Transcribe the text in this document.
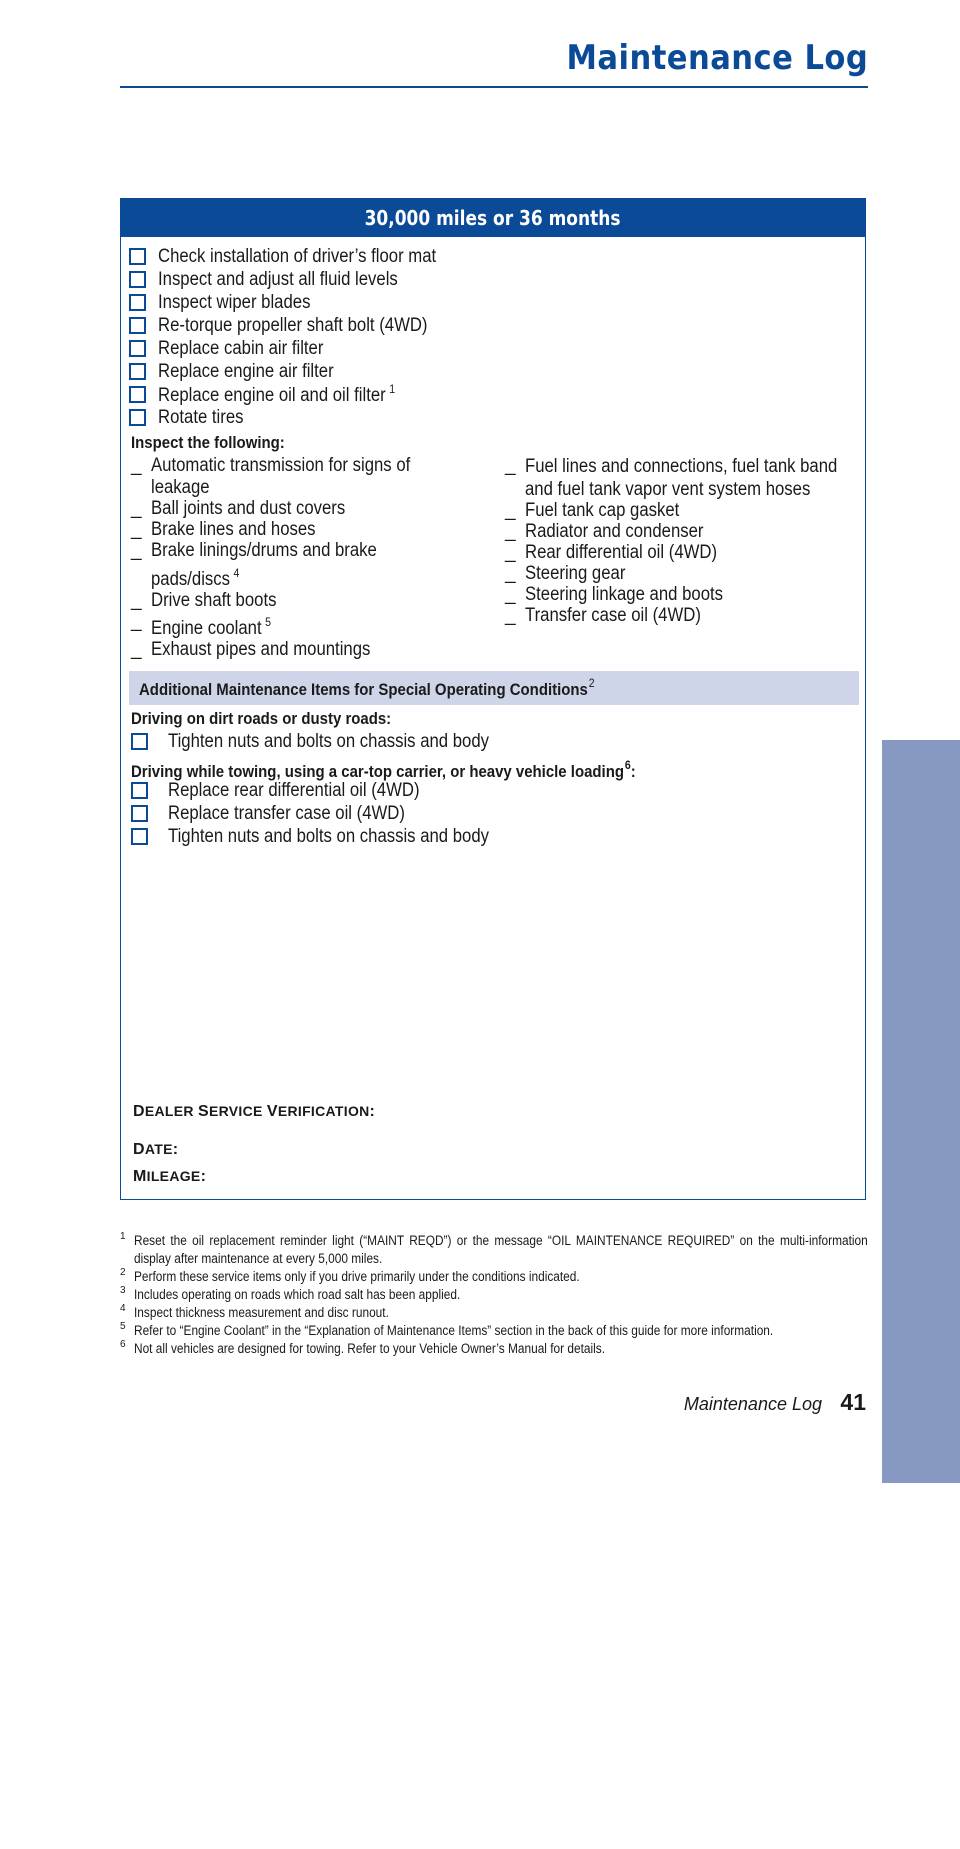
Maintenance Log
30,000 miles or 36 months
Check installation of driver’s floor mat
Inspect and adjust all fluid levels
Inspect wiper blades
Re-torque propeller shaft bolt (4WD)
Replace cabin air filter
Replace engine air filter
Replace engine oil and oil filter $^1$
Rotate tires
Inspect the following:
_ Automatic transmission for signs of leakage
_ Ball joints and dust covers
_ Brake lines and hoses
_ Brake linings/drums and brake pads/discs $^4$
_ Drive shaft boots
_ Engine coolant $^5$
_ Exhaust pipes and mountings
_ Fuel lines and connections, fuel tank band and fuel tank vapor vent system hoses
_ Fuel tank cap gasket
_ Radiator and condenser
_ Rear differential oil (4WD)
_ Steering gear
_ Steering linkage and boots
_ Transfer case oil (4WD)
Additional Maintenance Items for Special Operating Conditions$^2$
Driving on dirt roads or dusty roads:
Tighten nuts and bolts on chassis and body
Driving while towing, using a car-top carrier, or heavy vehicle loading$^6$:
Replace rear differential oil (4WD)
Replace transfer case oil (4WD)
Tighten nuts and bolts on chassis and body
DEALER SERVICE VERIFICATION:
DATE:
MILEAGE:
1 Reset the oil replacement reminder light (“MAINT REQD”) or the message “OIL MAINTENANCE REQUIRED” on the multi-information display after maintenance at every 5,000 miles.
2 Perform these service items only if you drive primarily under the conditions indicated.
3 Includes operating on roads which road salt has been applied.
4 Inspect thickness measurement and disc runout.
5 Refer to “Engine Coolant” in the “Explanation of Maintenance Items” section in the back of this guide for more information.
6 Not all vehicles are designed for towing. Refer to your Vehicle Owner’s Manual for details.
Maintenance Log 41
MAINTENANCE
